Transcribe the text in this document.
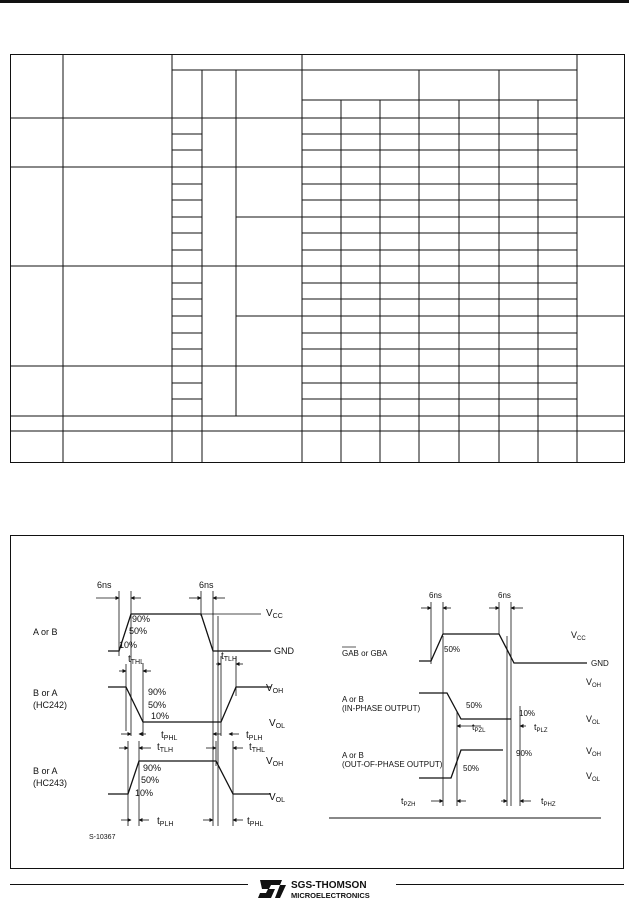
6ns	6ns
$V_{CC}$
GND
A or B
90%
50%
10%
$t_{THL}$
$t_{TLH}$
B or A
(HC242)
90%
50%
10%
$V_{OH}$
$V_{OL}$
$t_{PHL}$	$t_{PLH}$
$t_{TLH}$	$t_{THL}$
$V_{OH}$
B or A
(HC243)
90%
50%
10%	$V_{OL}$
$t_{PLH}$	$t_{PHL}$
S-10367
6ns	6ns
$V_{CC}$
GND
GAB or GBA	50%
A or B
(IN-PHASE OUTPUT)	50%
10%
$V_{OH}$
$V_{OL}$
$t_{PZL}$	$t_{PLZ}$
A or B
(OUT-OF-PHASE OUTPUT)	50%
90%	$V_{OH}$
$V_{OL}$
$t_{PZH}$	$t_{PHZ}$
SGS-THOMSON
MICROELECTRONICS
